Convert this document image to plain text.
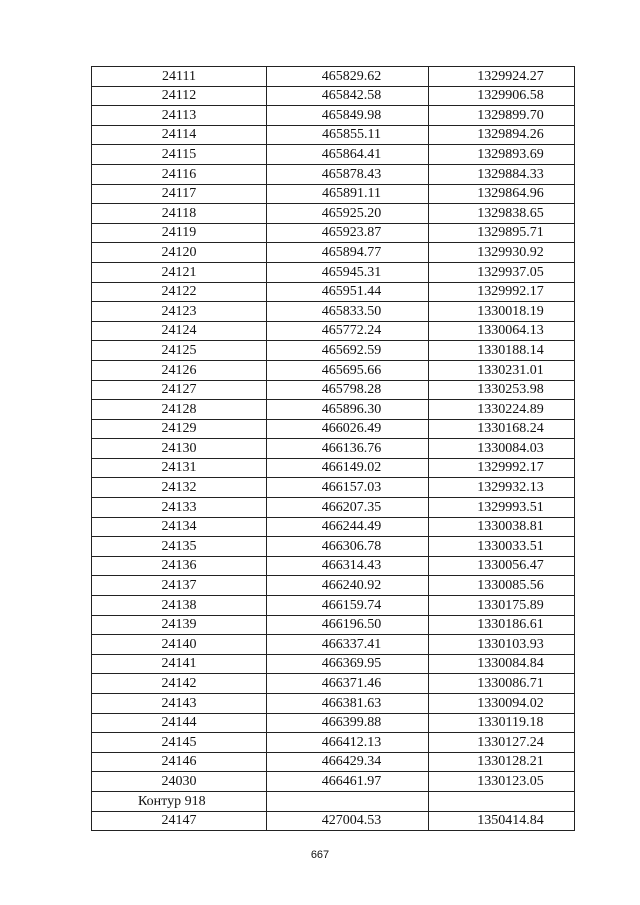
24111	465829.62	1329924.27
24112	465842.58	1329906.58
24113	465849.98	1329899.70
24114	465855.11	1329894.26
24115	465864.41	1329893.69
24116	465878.43	1329884.33
24117	465891.11	1329864.96
24118	465925.20	1329838.65
24119	465923.87	1329895.71
24120	465894.77	1329930.92
24121	465945.31	1329937.05
24122	465951.44	1329992.17
24123	465833.50	1330018.19
24124	465772.24	1330064.13
24125	465692.59	1330188.14
24126	465695.66	1330231.01
24127	465798.28	1330253.98
24128	465896.30	1330224.89
24129	466026.49	1330168.24
24130	466136.76	1330084.03
24131	466149.02	1329992.17
24132	466157.03	1329932.13
24133	466207.35	1329993.51
24134	466244.49	1330038.81
24135	466306.78	1330033.51
24136	466314.43	1330056.47
24137	466240.92	1330085.56
24138	466159.74	1330175.89
24139	466196.50	1330186.61
24140	466337.41	1330103.93
24141	466369.95	1330084.84
24142	466371.46	1330086.71
24143	466381.63	1330094.02
24144	466399.88	1330119.18
24145	466412.13	1330127.24
24146	466429.34	1330128.21
24030	466461.97	1330123.05
Контур 918		
24147	427004.53	1350414.84
667
